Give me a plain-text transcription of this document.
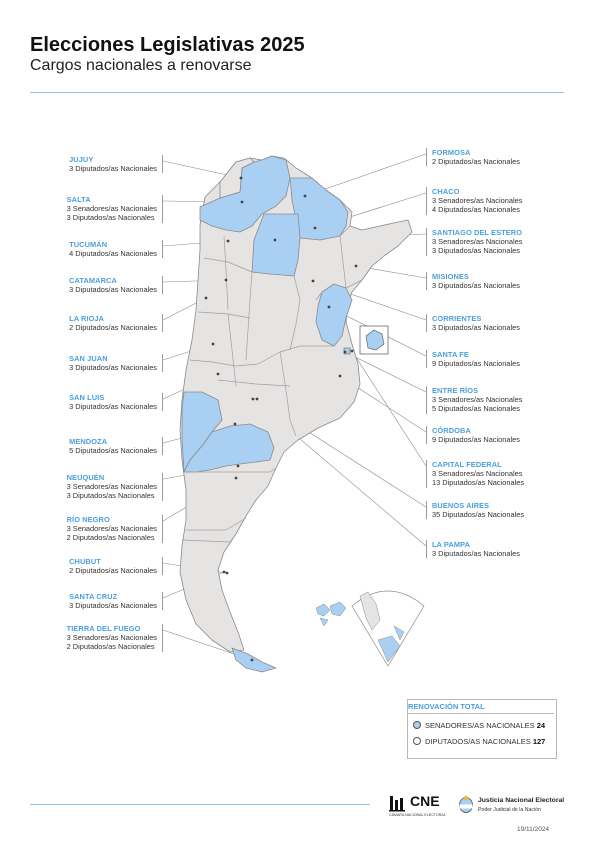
Elecciones Legislativas 2025
Cargos nacionales a renovarse
JUJUY
3 Diputados/as Nacionales
SALTA
3 Senadores/as Nacionales
3 Diputados/as Nacionales
TUCUMÁN
4 Diputados/as Nacionales
CATAMARCA
3 Diputados/as Nacionales
LA RIOJA
2 Diputados/as Nacionales
SAN JUAN
3 Diputados/as Nacionales
SAN LUIS
3 Diputados/as Nacionales
MENDOZA
5 Diputados/as Nacionales
NEUQUÉN
3 Senadores/as Nacionales
3 Diputados/as Nacionales
RÍO NEGRO
3 Senadores/as Nacionales
2 Diputados/as Nacionales
CHUBUT
2 Diputados/as Nacionales
SANTA CRUZ
3 Diputados/as Nacionales
TIERRA DEL FUEGO
3 Senadores/as Nacionales
2 Diputados/as Nacionales
FORMOSA
2 Diputados/as Nacionales
CHACO
3 Senadores/as Nacionales
4 Diputados/as Nacionales
SANTIAGO DEL ESTERO
3 Senadores/as Nacionales
3 Diputados/as Nacionales
MISIONES
3 Diputados/as Nacionales
CORRIENTES
3 Diputados/as Nacionales
SANTA FE
9 Diputados/as Nacionales
ENTRE RÍOS
3 Senadores/as Nacionales
5 Diputados/as Nacionales
CÓRDOBA
9 Diputados/as Nacionales
CAPITAL FEDERAL
3 Senadores/as Nacionales
13 Diputados/as Nacionales
BUENOS AIRES
35 Diputados/as Nacionales
LA PAMPA
3 Diputados/as Nacionales
RENOVACIÓN TOTAL
SENADORES/AS NACIONALES 24
DIPUTADOS/AS NACIONALES 127
CNE
CÁMARA NACIONAL ELECTORAL
Justicia Nacional Electoral
Poder Judicial de la Nación
19/11/2024
